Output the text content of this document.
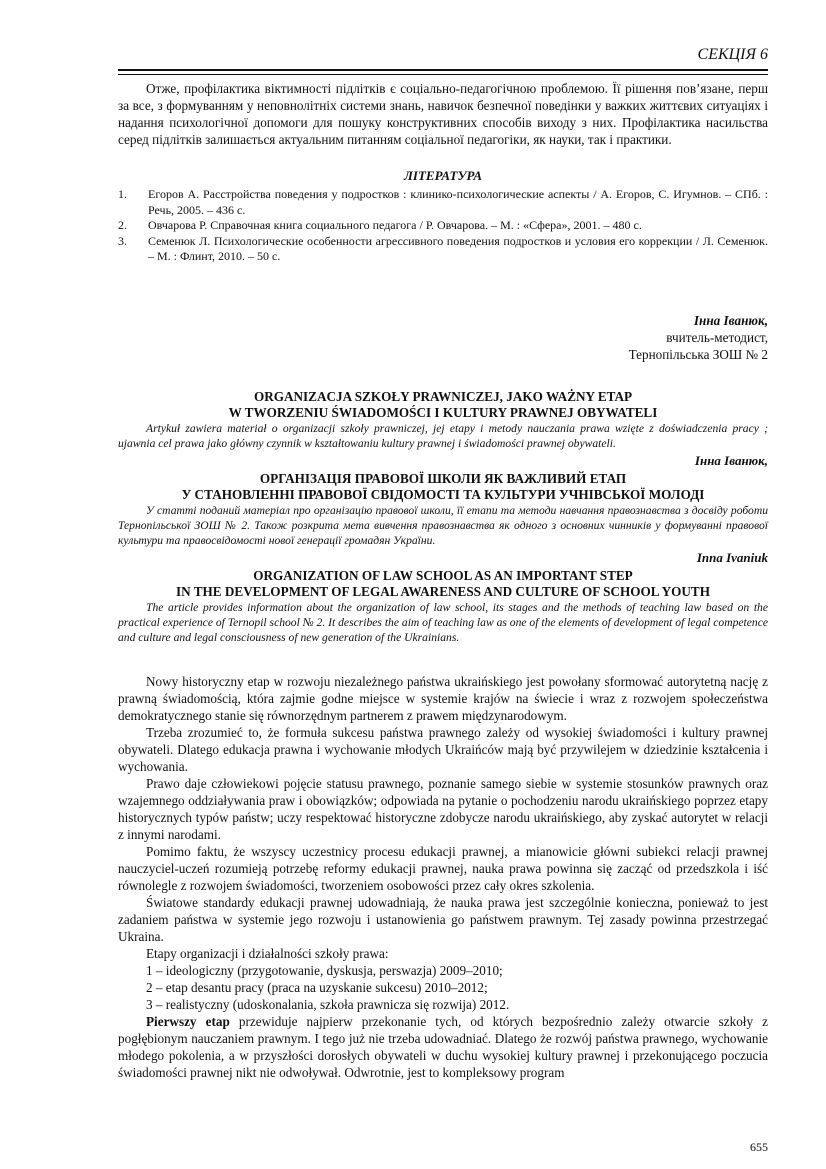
СЕКЦІЯ 6

Отже, профілактика віктимності підлітків є соціально-педагогічною проблемою. Її рішення пов’язане, перш за все, з формуванням у неповнолітніх системи знань, навичок безпечної поведінки у важких життєвих ситуаціях і надання психологічної допомоги для пошуку конструктивних способів виходу з них. Профілактика насильства серед підлітків залишається актуальним питанням соціальної педагогіки, як науки, так і практики.

ЛІТЕРАТУРА
1. Егоров А. Расстройства поведения у подростков : клинико-психологические аспекты / А. Егоров, С. Игумнов. – СПб. : Речь, 2005. – 436 с.
2. Овчарова Р. Справочная книга социального педагога / Р. Овчарова. – М. : «Сфера», 2001. – 480 с.
3. Семенюк Л. Психологические особенности агрессивного поведения подростков и условия его коррекции / Л. Семенюк. – М. : Флинт, 2010. – 50 с.
Інна Іванюк,
вчитель-методист,
Тернопільська ЗОШ № 2
ORGANIZACJA SZKOŁY PRAWNICZEJ, JAKO WAŻNY ETAP
W TWORZENIU ŚWIADOMOŚCI I KULTURY PRAWNEJ OBYWATELI

Artykuł zawiera materiał o organizacji szkoły prawniczej, jej etapy i metody nauczania prawa wzięte z doświadczenia pracy ; ujawnia cel prawa jako główny czynnik w kształtowaniu kultury prawnej i świadomości prawnej obywateli.

Інна Іванюк,
ОРГАНІЗАЦІЯ ПРАВОВОЇ ШКОЛИ ЯК ВАЖЛИВИЙ ЕТАП
У СТАНОВЛЕННІ ПРАВОВОЇ СВІДОМОСТІ ТА КУЛЬТУРИ УЧНІВСЬКОЇ МОЛОДІ

У статті поданий матеріал про організацію правової школи, її етапи та методи навчання правознавства з досвіду роботи Тернопільської ЗОШ № 2. Також розкрита мета вивчення правознавства як одного з основних чинників у формуванні правової культури та правосвідомості нової генерації громадян України.

Inna Ivaniuk
ORGANIZATION OF LAW SCHOOL AS AN IMPORTANT STEP
IN THE DEVELOPMENT OF LEGAL AWARENESS AND CULTURE OF SCHOOL YOUTH

The article provides information about the organization of law school, its stages and the methods of teaching law based on the practical experience of Ternopil school № 2. It describes the aim of teaching law as one of the elements of development of legal competence and culture and legal consciousness of new generation of the Ukrainians.

Nowy historyczny etap w rozwoju niezależnego państwa ukraińskiego jest powołany sformować autorytetną nację z prawną świadomością, która zajmie godne miejsce w systemie krajów na świecie i wraz z rozwojem społeczeństwa demokratycznego stanie się równorzędnym partnerem z prawem międzynarodowym.

Trzeba zrozumieć to, że formuła sukcesu państwa prawnego zależy od wysokiej świadomości i kultury prawnej obywateli. Dlatego edukacja prawna i wychowanie młodych Ukraińców mają być przywilejem w dziedzinie kształcenia i wychowania.

Prawo daje człowiekowi pojęcie statusu prawnego, poznanie samego siebie w systemie stosunków prawnych oraz wzajemnego oddziaływania praw i obowiązków; odpowiada na pytanie o pochodzeniu narodu ukraińskiego poprzez etapy historycznych typów państw; uczy respektować historyczne zdobycze narodu ukraińskiego, aby zyskać autorytet w relacji z innymi narodami.

Pomimo faktu, że wszyscy uczestnicy procesu edukacji prawnej, a mianowicie główni subiekci relacji prawnej nauczyciel-uczeń rozumieją potrzebę reformy edukacji prawnej, nauka prawa powinna się zacząć od przedszkola i iść równolegle z rozwojem świadomości, tworzeniem osobowości przez cały okres szkolenia.

Światowe standardy edukacji prawnej udowadniają, że nauka prawa jest szczególnie konieczna, ponieważ to jest zadaniem państwa w systemie jego rozwoju i ustanowienia go państwem prawnym. Tej zasady powinna przestrzegać Ukraina.

Etapy organizacji i działalności szkoły prawa:

1 – ideologiczny (przygotowanie, dyskusja, perswazja) 2009–2010;

2 – etap desantu pracy (praca na uzyskanie sukcesu) 2010–2012;

3 – realistyczny (udoskonalania, szkoła prawnicza się rozwija) 2012.

Pierwszy etap przewiduje najpierw przekonanie tych, od których bezpośrednio zależy otwarcie szkoły z pogłębionym nauczaniem prawnym. I tego już nie trzeba udowadniać. Dlatego że rozwój państwa prawnego, wychowanie młodego pokolenia, a w przyszłości dorosłych obywateli w duchu wysokiej kultury prawnej i przekonującego poczucia świadomości prawnej nikt nie odwoływał. Odwrotnie, jest to kompleksowy program

655
